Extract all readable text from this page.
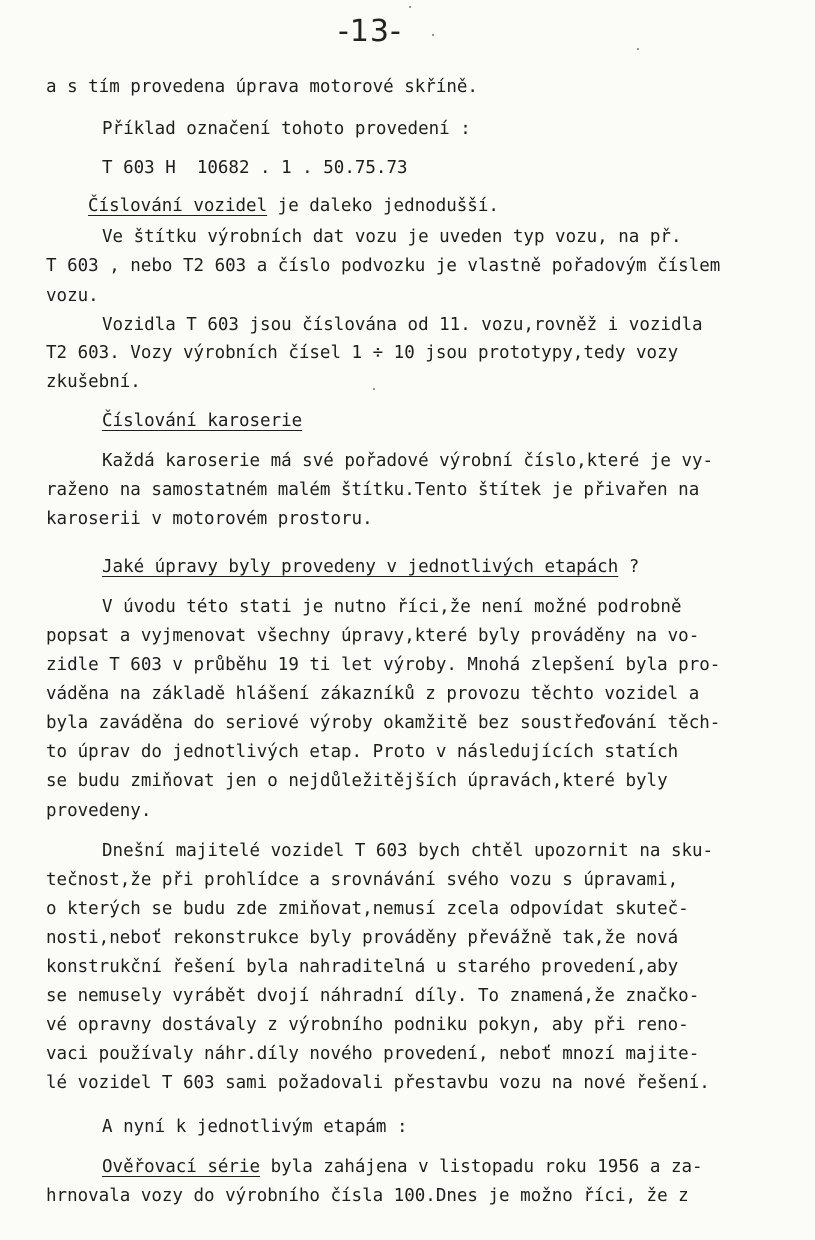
-13-
a s tím provedena úprava motorové skříně.
Příklad označení tohoto provedení :
T 603 H  10682 . 1 . 50.75.73
Číslování vozidel je daleko jednodušší.
Ve štítku výrobních dat vozu je uveden typ vozu, na př.
T 603 , nebo T2 603 a číslo podvozku je vlastně pořadovým číslem
vozu.
Vozidla T 603 jsou číslována od 11. vozu,rovněž i vozidla
T2 603. Vozy výrobních čísel 1 ÷ 10 jsou prototypy,tedy vozy
zkušební.
Číslování karoserie
Každá karoserie má své pořadové výrobní číslo,které je vy-
raženo na samostatném malém štítku.Tento štítek je přivařen na
karoserii v motorovém prostoru.
Jaké úpravy byly provedeny v jednotlivých etapách ?
V úvodu této stati je nutno říci,že není možné podrobně
popsat a vyjmenovat všechny úpravy,které byly prováděny na vo-
zidle T 603 v průběhu 19 ti let výroby. Mnohá zlepšení byla pro-
váděna na základě hlášení zákazníků z provozu těchto vozidel a
byla zaváděna do seriové výroby okamžitě bez soustřeďování těch-
to úprav do jednotlivých etap. Proto v následujících statích
se budu zmiňovat jen o nejdůležitějších úpravách,které byly
provedeny.
Dnešní majitelé vozidel T 603 bych chtěl upozornit na sku-
tečnost,že při prohlídce a srovnávání svého vozu s úpravami,
o kterých se budu zde zmiňovat,nemusí zcela odpovídat skuteč-
nosti,neboť rekonstrukce byly prováděny převážně tak,že nová
konstrukční řešení byla nahraditelná u starého provedení,aby
se nemusely vyrábět dvojí náhradní díly. To znamená,že značko-
vé opravny dostávaly z výrobního podniku pokyn, aby při reno-
vaci používaly náhr.díly nového provedení, neboť mnozí majite-
lé vozidel T 603 sami požadovali přestavbu vozu na nové řešení.
A nyní k jednotlivým etapám :
Ověřovací série byla zahájena v listopadu roku 1956 a za-
hrnovala vozy do výrobního čísla 100.Dnes je možno říci, že z
